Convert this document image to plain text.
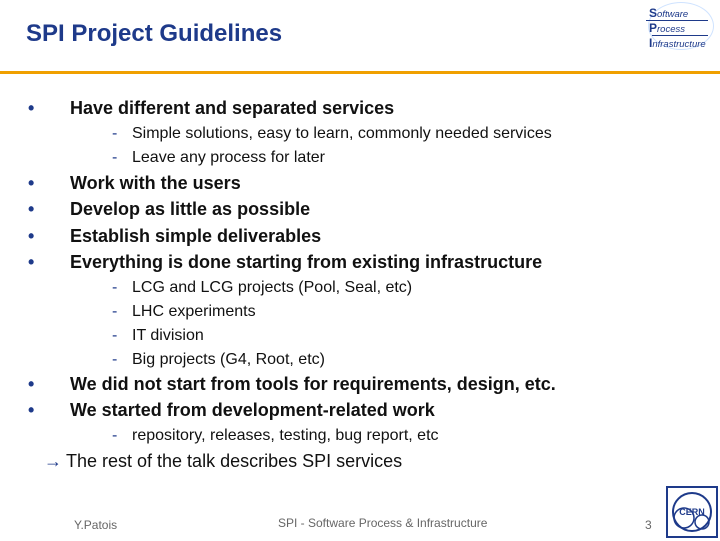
SPI Project Guidelines
Software
Process
Infrastructure
• Have different and separated services
- Simple solutions, easy to learn, commonly needed services
- Leave any process for later
• Work with the users
• Develop as little as possible
• Establish simple deliverables
• Everything is done starting from existing infrastructure
- LCG and LCG projects (Pool, Seal, etc)
- LHC experiments
- IT division
- Big projects (G4, Root, etc)
• We did not start from tools for requirements, design, etc.
• We started from development-related work
- repository, releases, testing, bug report, etc
→ The rest of the talk describes SPI services
Y.Patois	SPI - Software Process & Infrastructure	3
CERN
